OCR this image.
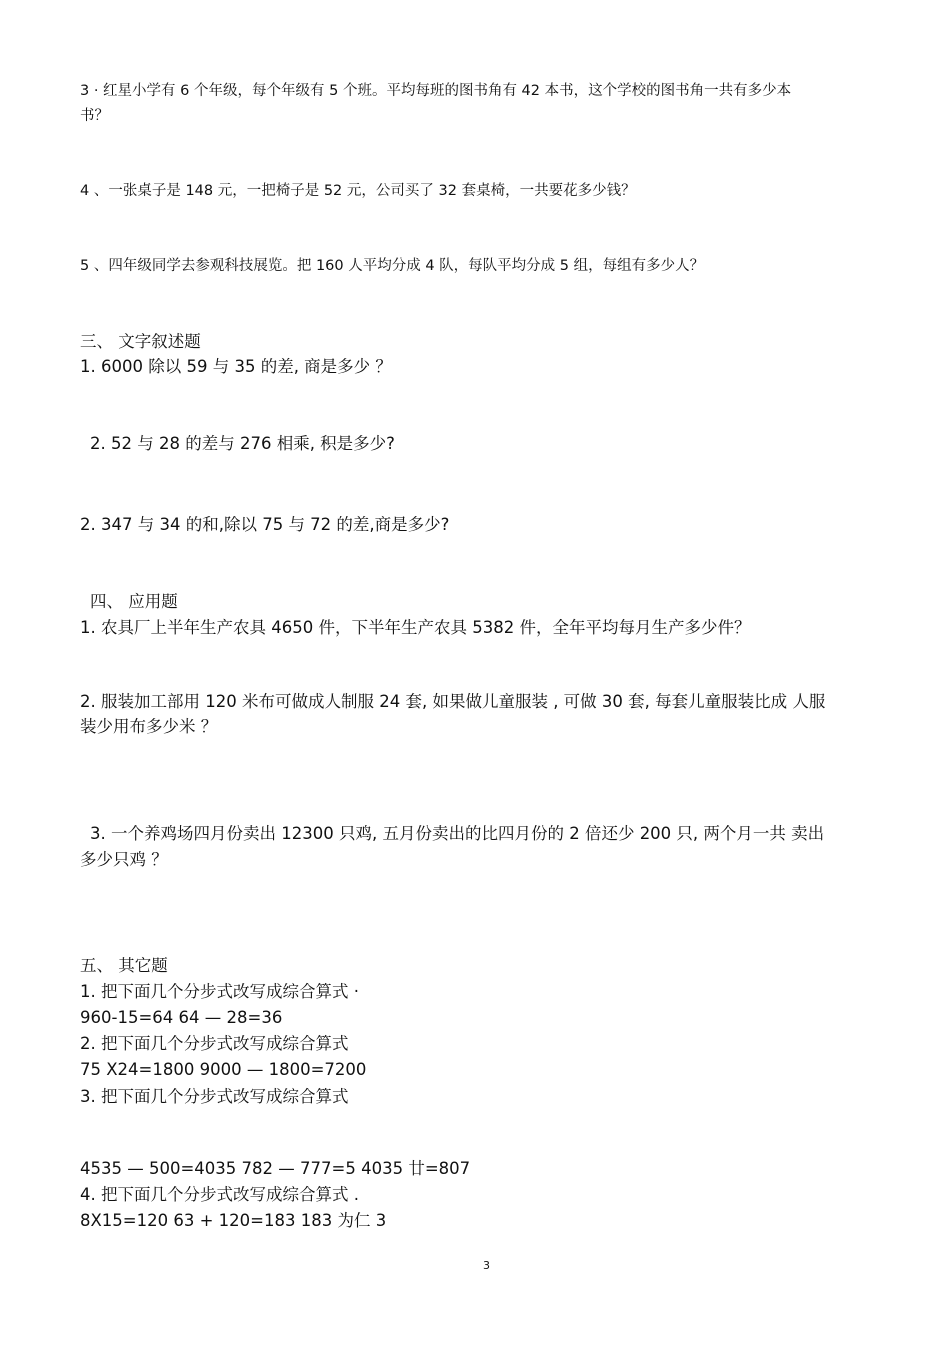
3 · 红星小学有 6 个年级，每个年级有 5 个班。平均每班的图书角有 42 本书，这个学校的图书角一共有多少本
书？
4 、一张桌子是 148 元，一把椅子是 52 元，公司买了 32 套桌椅，一共要花多少钱？
5 、四年级同学去参观科技展览。把 160 人平均分成 4 队，每队平均分成 5 组，每组有多少人？
三、 文字叙述题
1. 6000 除以 59 与 35 的差, 商是多少 ？
2. 52 与 28 的差与 276 相乘, 积是多少?
2. 347 与 34 的和,除以 75 与 72 的差,商是多少?
四、 应用题
1. 农具厂上半年生产农具 4650 件，下半年生产农具 5382 件，全年平均每月生产多少件？
2. 服装加工部用 120 米布可做成人制服 24 套, 如果做儿童服装 , 可做 30 套, 每套儿童服装比成 人服
装少用布多少米 ？
3. 一个养鸡场四月份卖出 12300 只鸡, 五月份卖出的比四月份的 2 倍还少 200 只, 两个月一共 卖出
多少只鸡 ？
五、 其它题
1. 把下面几个分步式改写成综合算式 ·
960-15=64 64 — 28=36
2. 把下面几个分步式改写成综合算式
75 X24=1800 9000 — 1800=7200
3. 把下面几个分步式改写成综合算式
4535 — 500=4035 782 — 777=5 4035 廿=807
4. 把下面几个分步式改写成综合算式 .
8X15=120 63 + 120=183 183 为仁 3
3
